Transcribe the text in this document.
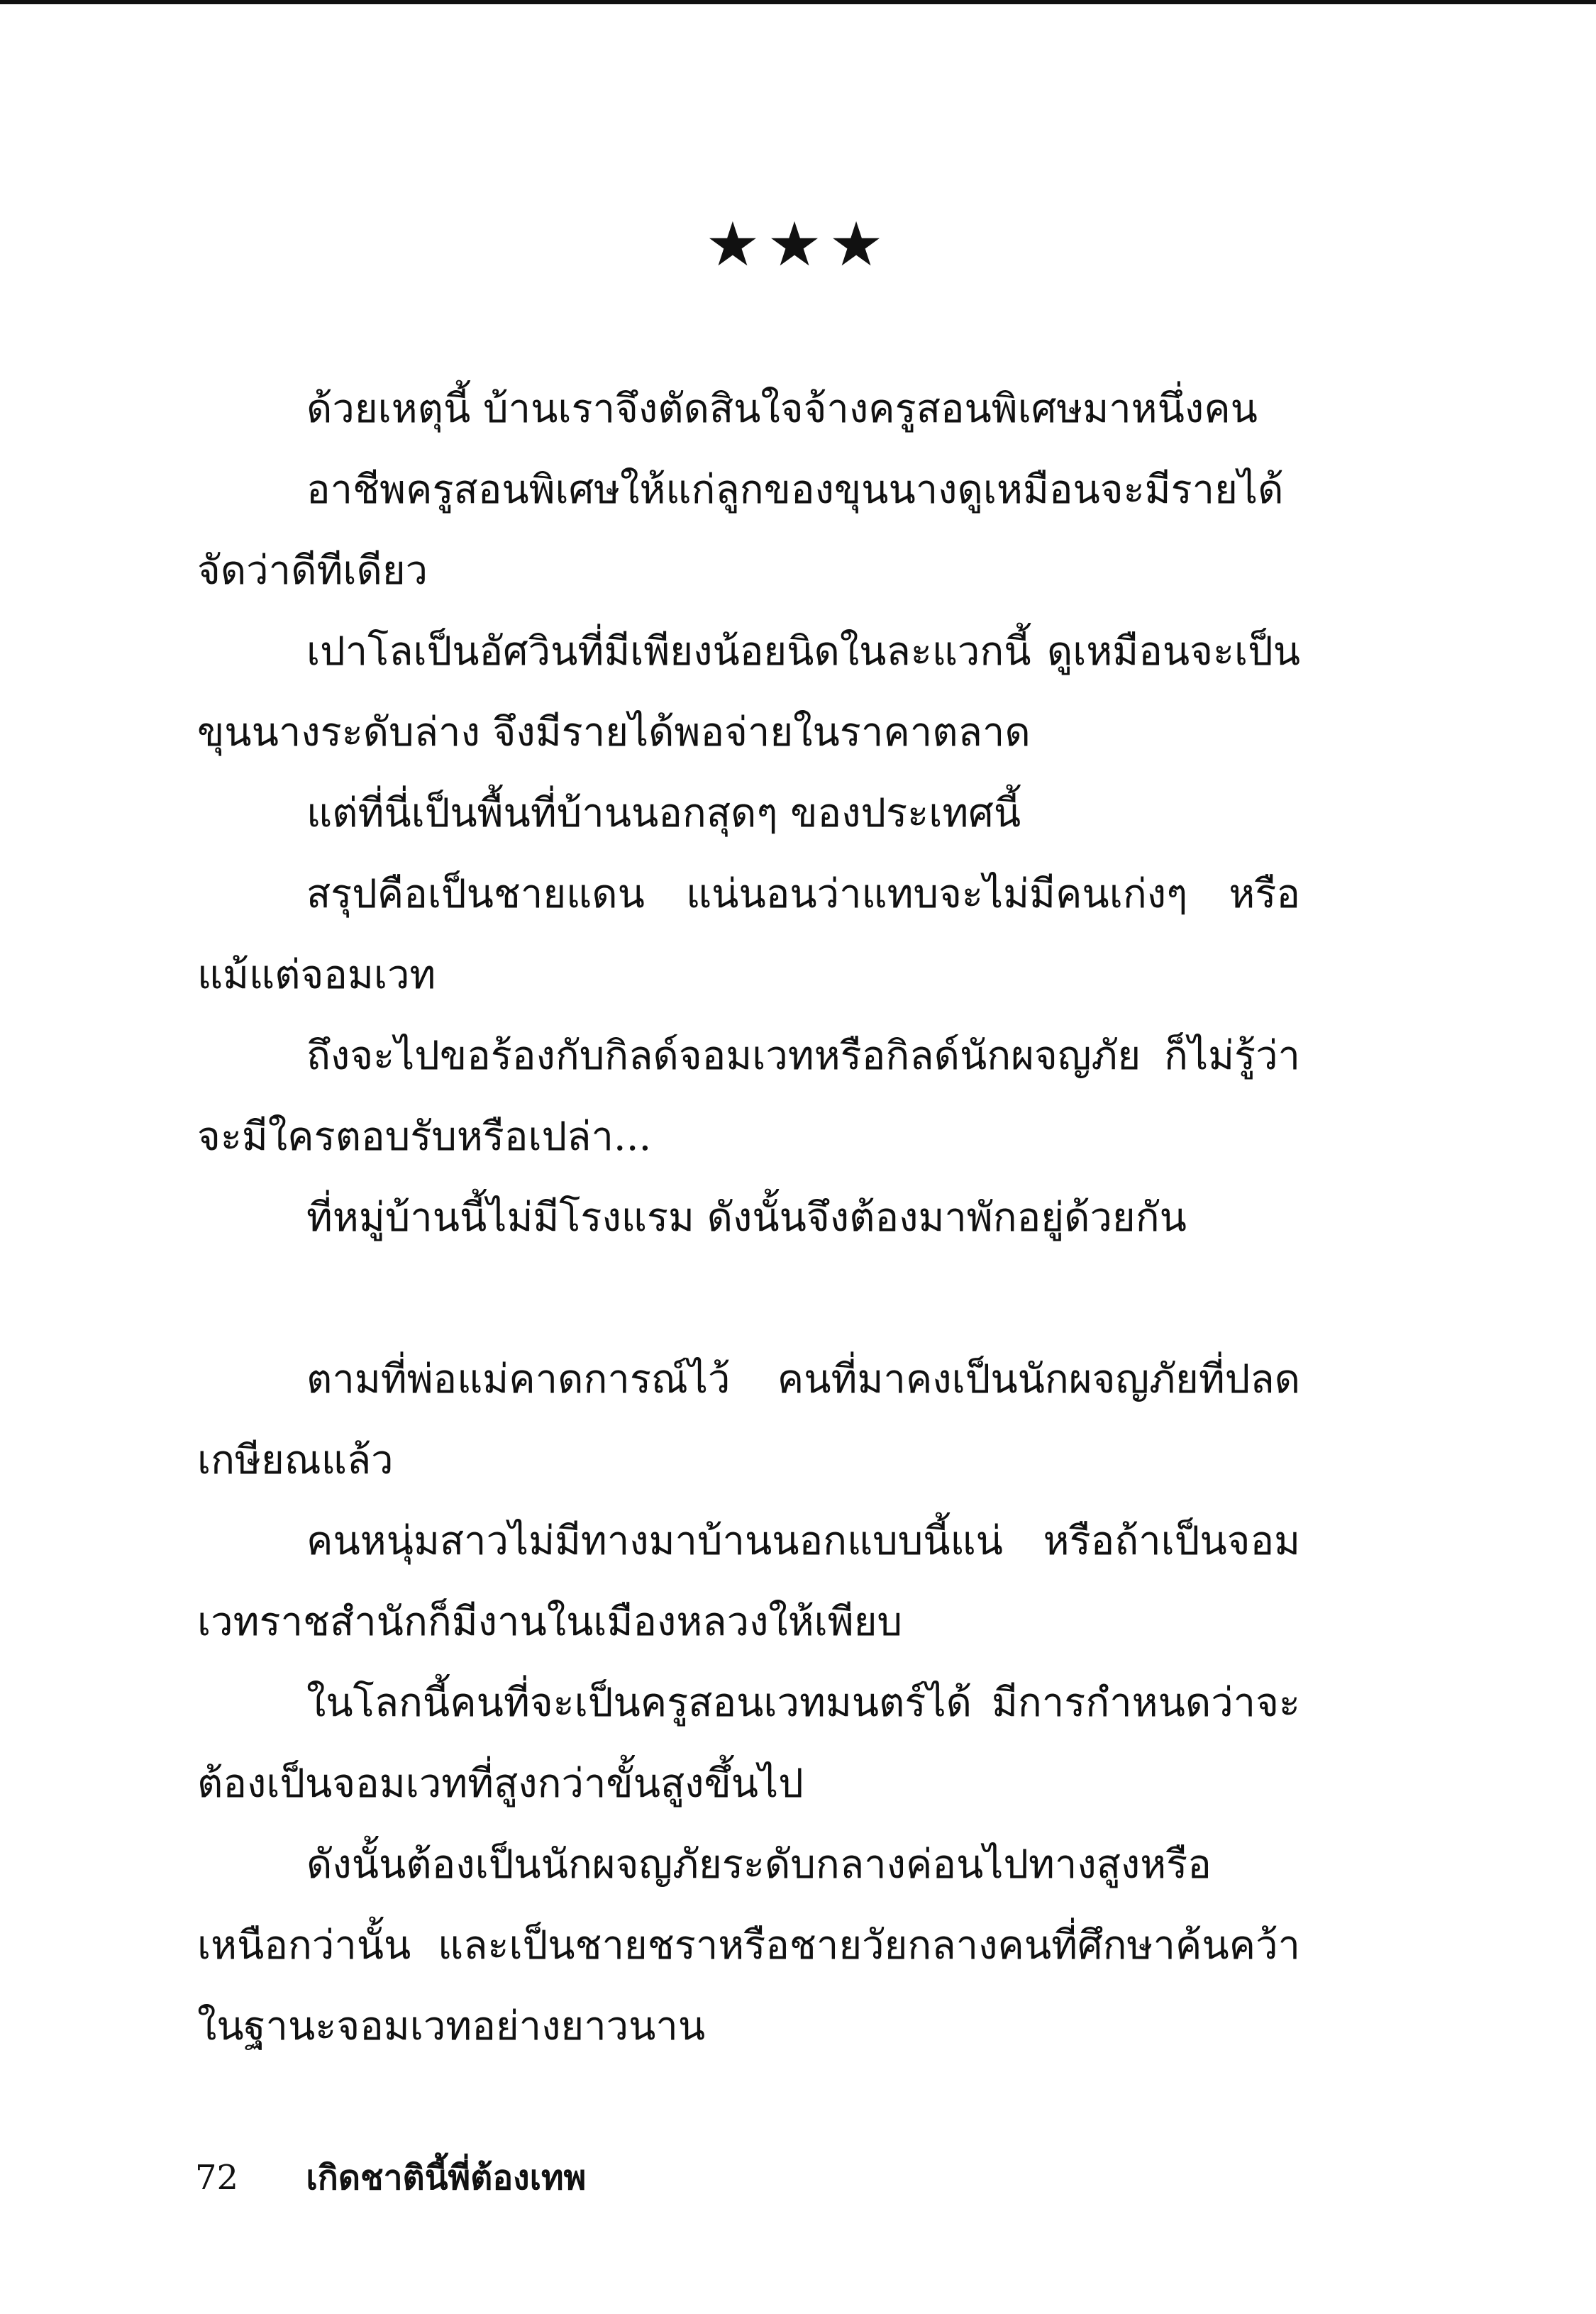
★★★

ด้วยเหตุนี้ บ้านเราจึงตัดสินใจจ้างครูสอนพิเศษมาหนึ่งคน

อาชีพครูสอนพิเศษให้แก่ลูกของขุนนางดูเหมือนจะมีรายได้จัดว่าดีทีเดียว

เปาโลเป็นอัศวินที่มีเพียงน้อยนิดในละแวกนี้ ดูเหมือนจะเป็นขุนนางระดับล่าง จึงมีรายได้พอจ่ายในราคาตลาด

แต่ที่นี่เป็นพื้นที่บ้านนอกสุดๆ ของประเทศนี้

สรุปคือเป็นชายแดน แน่นอนว่าแทบจะไม่มีคนเก่งๆ หรือแม้แต่จอมเวท

ถึงจะไปขอร้องกับกิลด์จอมเวทหรือกิลด์นักผจญภัย ก็ไม่รู้ว่าจะมีใครตอบรับหรือเปล่า...

ที่หมู่บ้านนี้ไม่มีโรงแรม ดังนั้นจึงต้องมาพักอยู่ด้วยกัน

ตามที่พ่อแม่คาดการณ์ไว้ คนที่มาคงเป็นนักผจญภัยที่ปลดเกษียณแล้ว

คนหนุ่มสาวไม่มีทางมาบ้านนอกแบบนี้แน่ หรือถ้าเป็นจอมเวทราชสำนักก็มีงานในเมืองหลวงให้เพียบ

ในโลกนี้คนที่จะเป็นครูสอนเวทมนตร์ได้ มีการกำหนดว่าจะต้องเป็นจอมเวทที่สูงกว่าขั้นสูงขึ้นไป

ดังนั้นต้องเป็นนักผจญภัยระดับกลางค่อนไปทางสูงหรือเหนือกว่านั้น และเป็นชายชราหรือชายวัยกลางคนที่ศึกษาค้นคว้าในฐานะจอมเวทอย่างยาวนาน

72 เกิดชาตินี้พี่ต้องเทพ
